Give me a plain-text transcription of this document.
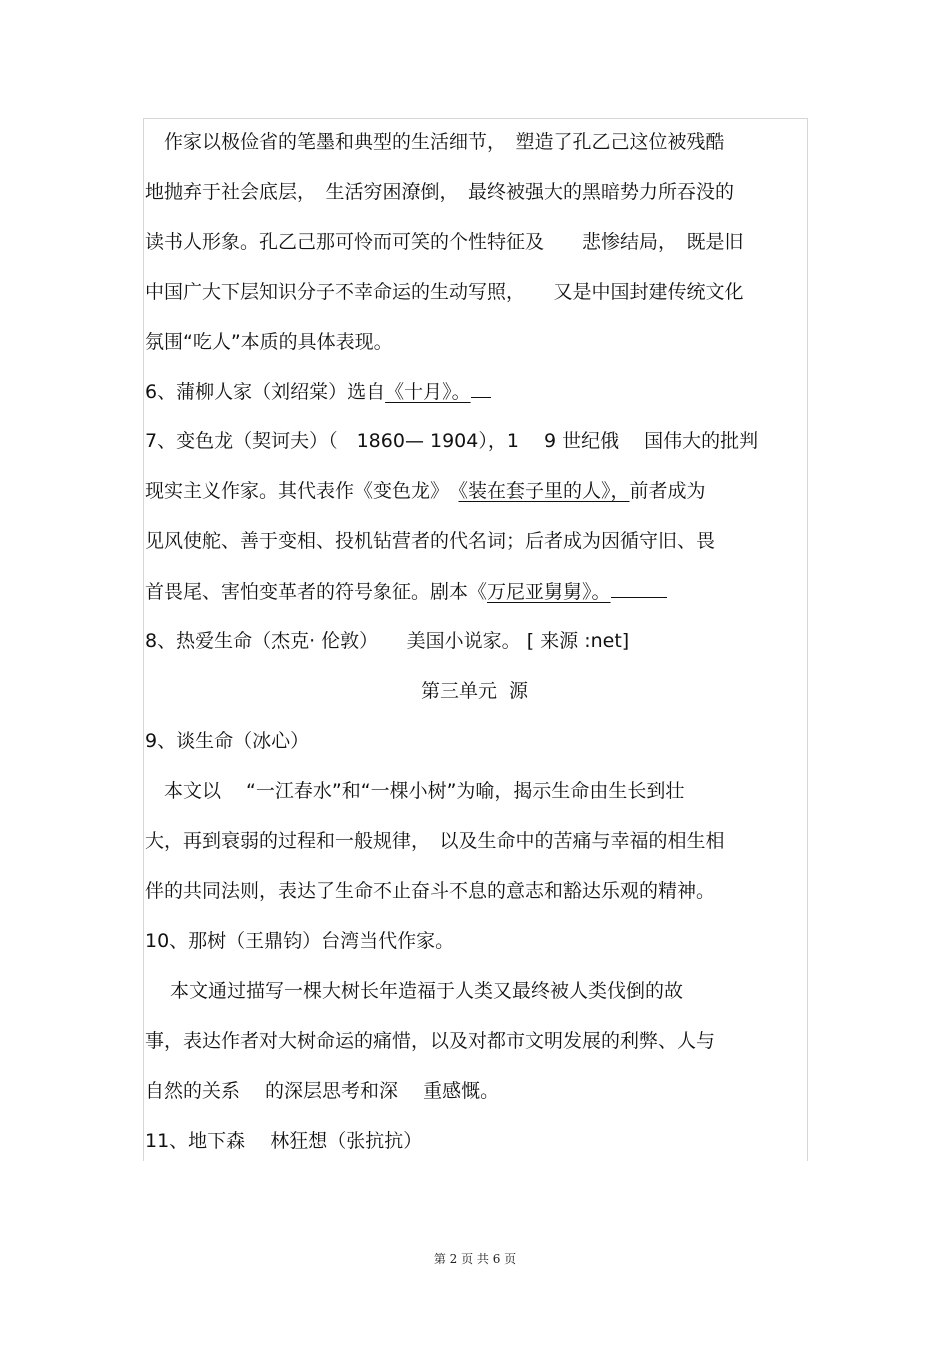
　作家以极俭省的笔墨和典型的生活细节，　塑造了孔乙己这位被残酷
地抛弃于社会底层，　生活穷困潦倒，　最终被强大的黑暗势力所吞没的
读书人形象。孔乙己那可怜而可笑的个性特征及　　悲惨结局，　既是旧
中国广大下层知识分子不幸命运的生动写照，　　又是中国封建传统文化
氛围“吃人”本质的具体表现。
6、蒲柳人家（刘绍棠）选自《十月》。
7、变色龙（契诃夫）（　1860— 1904），1　 9 世纪俄　 国伟大的批判
现实主义作家。其代表作《变色龙》　《装在套子里的人》，前者成为
见风使舵、善于变相、投机钻营者的代名词；后者成为因循守旧、畏
首畏尾、害怕变革者的符号象征。剧本《万尼亚舅舅》。
8、热爱生命（杰克· 伦敦）　　美国小说家。 [ 来源 :net]
第三单元  源
9、谈生命（冰心）
　本文以　 “一江春水”和“一棵小树”为喻，揭示生命由生长到壮
大，再到衰弱的过程和一般规律，　以及生命中的苦痛与幸福的相生相
伴的共同法则，表达了生命不止奋斗不息的意志和豁达乐观的精神。
10、那树（王鼎钧）台湾当代作家。
　 本文通过描写一棵大树长年造福于人类又最终被人类伐倒的故
事，表达作者对大树命运的痛惜，以及对都市文明发展的利弊、人与
自然的关系　 的深层思考和深　 重感慨。
11、地下森　 林狂想（张抗抗）
第 2 页 共 6 页
